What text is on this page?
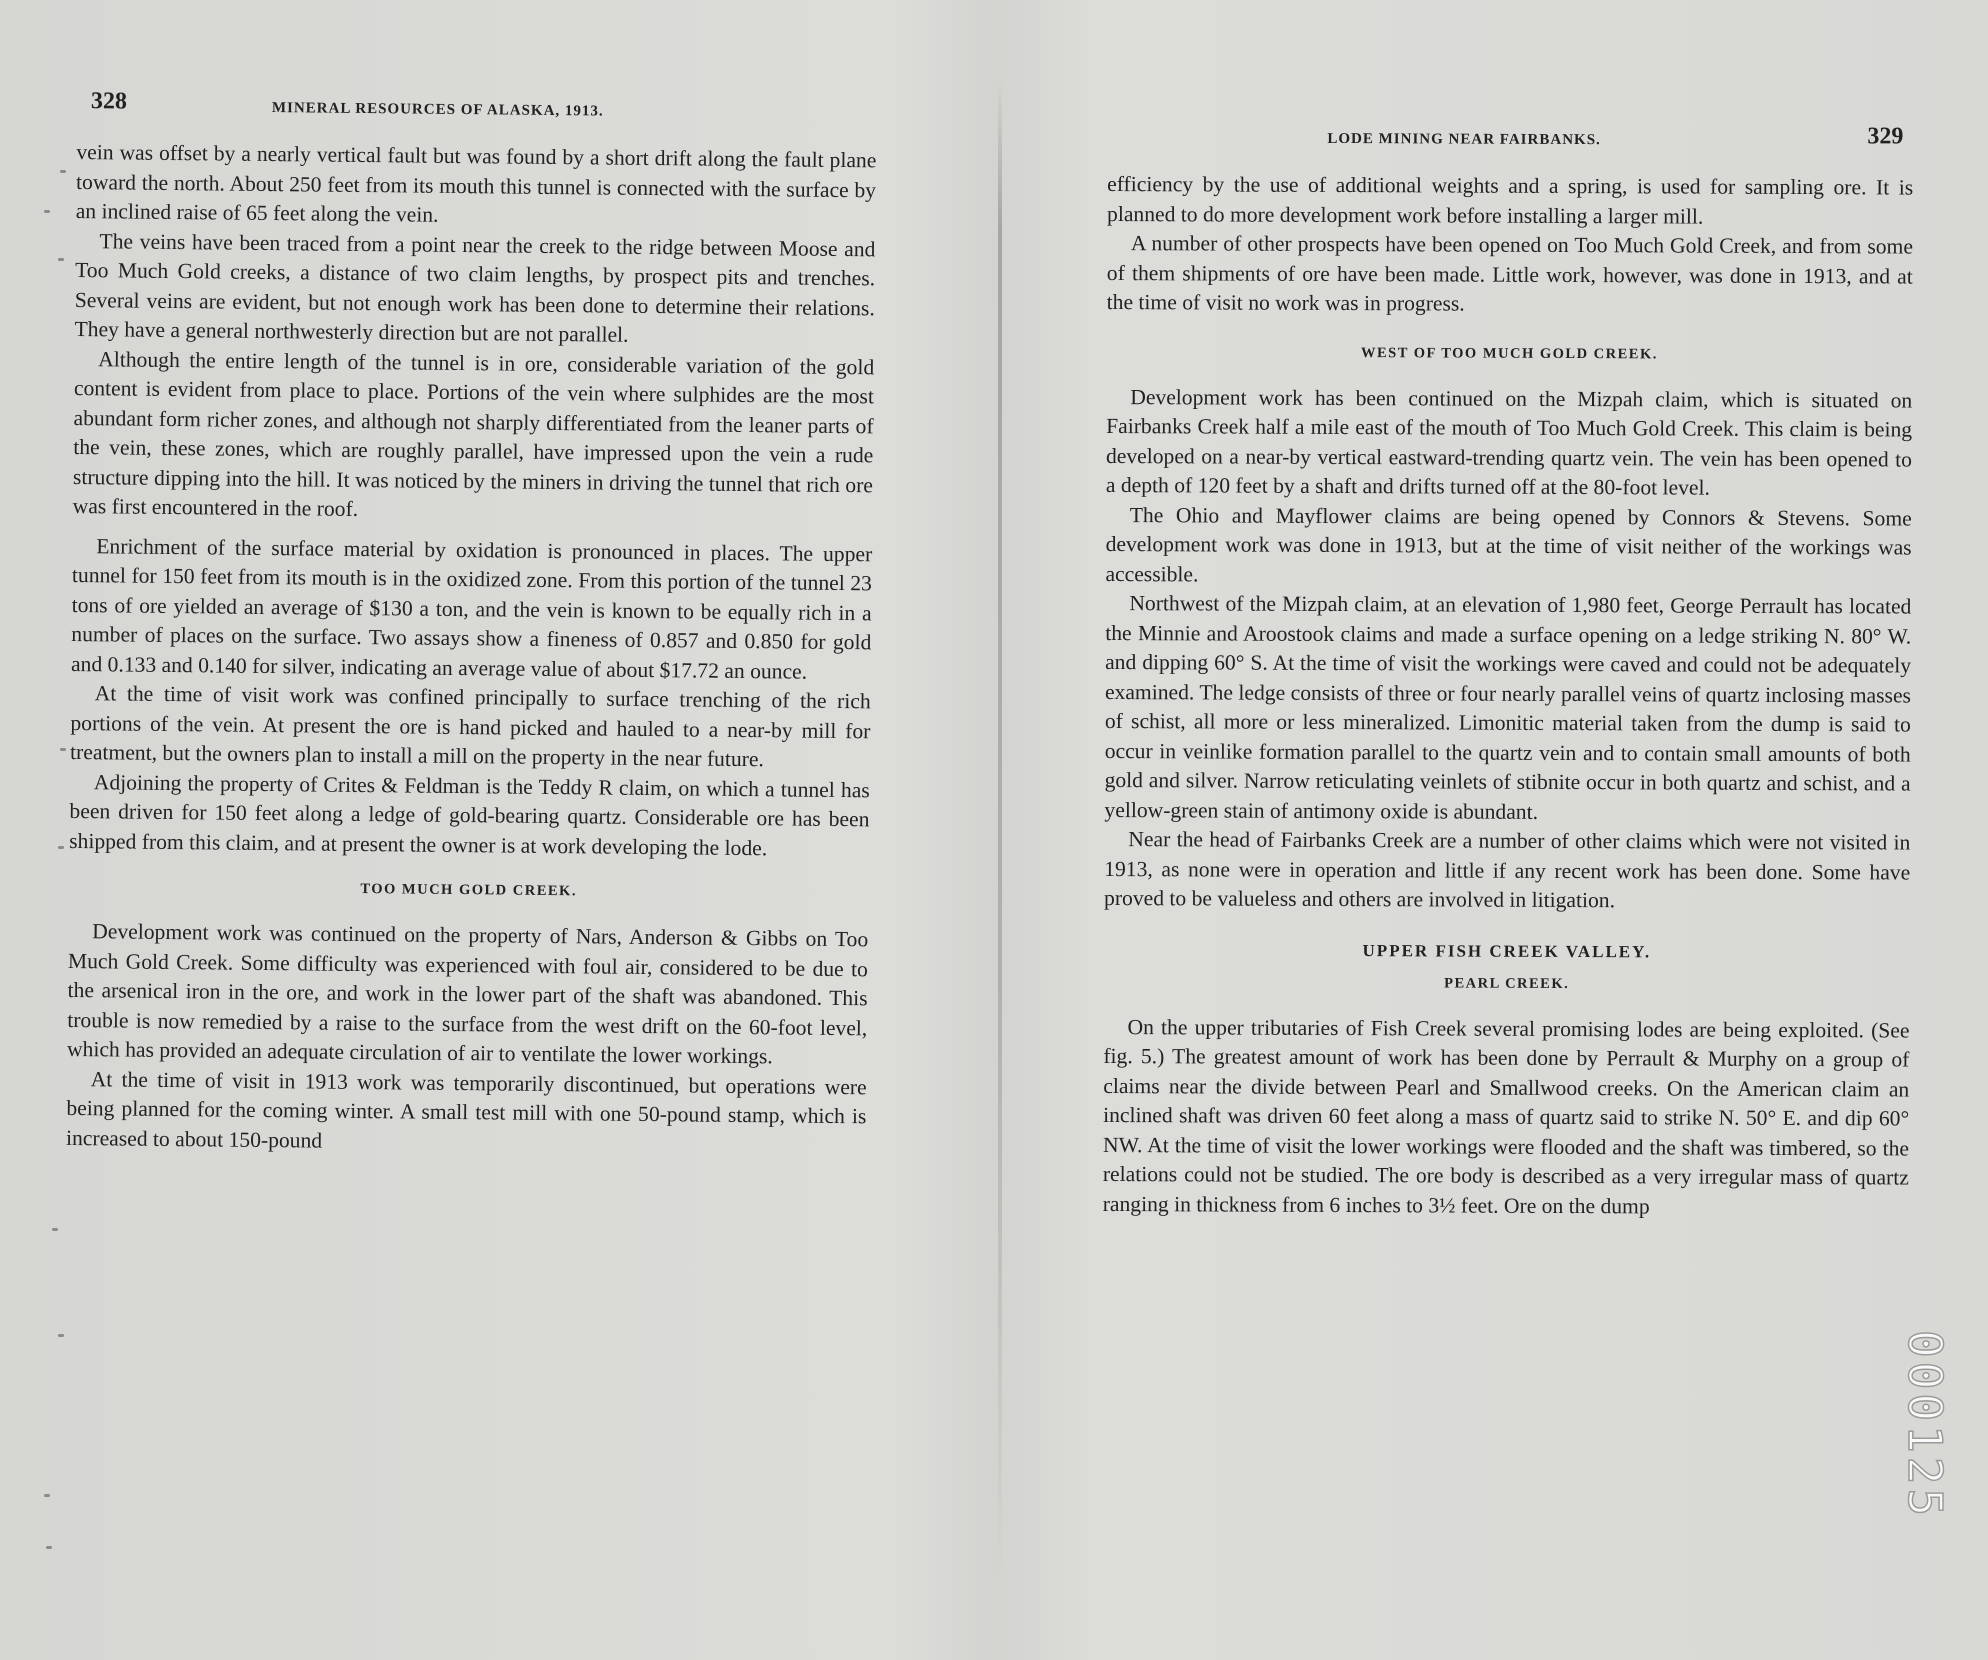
328	MINERAL RESOURCES OF ALASKA, 1913.

vein was offset by a nearly vertical fault but was found by a short drift along the fault plane toward the north. About 250 feet from its mouth this tunnel is connected with the surface by an inclined raise of 65 feet along the vein.

The veins have been traced from a point near the creek to the ridge between Moose and Too Much Gold creeks, a distance of two claim lengths, by prospect pits and trenches. Several veins are evident, but not enough work has been done to determine their relations. They have a general northwesterly direction but are not parallel.

Although the entire length of the tunnel is in ore, considerable variation of the gold content is evident from place to place. Portions of the vein where sulphides are the most abundant form richer zones, and although not sharply differentiated from the leaner parts of the vein, these zones, which are roughly parallel, have impressed upon the vein a rude structure dipping into the hill. It was noticed by the miners in driving the tunnel that rich ore was first encountered in the roof.

Enrichment of the surface material by oxidation is pronounced in places. The upper tunnel for 150 feet from its mouth is in the oxidized zone. From this portion of the tunnel 23 tons of ore yielded an average of $130 a ton, and the vein is known to be equally rich in a number of places on the surface. Two assays show a fineness of 0.857 and 0.850 for gold and 0.133 and 0.140 for silver, indicating an average value of about $17.72 an ounce.

At the time of visit work was confined principally to surface trenching of the rich portions of the vein. At present the ore is hand picked and hauled to a near-by mill for treatment, but the owners plan to install a mill on the property in the near future.

Adjoining the property of Crites & Feldman is the Teddy R claim, on which a tunnel has been driven for 150 feet along a ledge of gold-bearing quartz. Considerable ore has been shipped from this claim, and at present the owner is at work developing the lode.

TOO MUCH GOLD CREEK.

Development work was continued on the property of Nars, Anderson & Gibbs on Too Much Gold Creek. Some difficulty was experienced with foul air, considered to be due to the arsenical iron in the ore, and work in the lower part of the shaft was abandoned. This trouble is now remedied by a raise to the surface from the west drift on the 60-foot level, which has provided an adequate circulation of air to ventilate the lower workings.

At the time of visit in 1913 work was temporarily discontinued, but operations were being planned for the coming winter. A small test mill with one 50-pound stamp, which is increased to about 150-pound

LODE MINING NEAR FAIRBANKS.	329

efficiency by the use of additional weights and a spring, is used for sampling ore. It is planned to do more development work before installing a larger mill.

A number of other prospects have been opened on Too Much Gold Creek, and from some of them shipments of ore have been made. Little work, however, was done in 1913, and at the time of visit no work was in progress.

WEST OF TOO MUCH GOLD CREEK.

Development work has been continued on the Mizpah claim, which is situated on Fairbanks Creek half a mile east of the mouth of Too Much Gold Creek. This claim is being developed on a near-by vertical eastward-trending quartz vein. The vein has been opened to a depth of 120 feet by a shaft and drifts turned off at the 80-foot level.

The Ohio and Mayflower claims are being opened by Connors & Stevens. Some development work was done in 1913, but at the time of visit neither of the workings was accessible.

Northwest of the Mizpah claim, at an elevation of 1,980 feet, George Perrault has located the Minnie and Aroostook claims and made a surface opening on a ledge striking N. 80° W. and dipping 60° S. At the time of visit the workings were caved and could not be adequately examined. The ledge consists of three or four nearly parallel veins of quartz inclosing masses of schist, all more or less mineralized. Limonitic material taken from the dump is said to occur in veinlike formation parallel to the quartz vein and to contain small amounts of both gold and silver. Narrow reticulating veinlets of stibnite occur in both quartz and schist, and a yellow-green stain of antimony oxide is abundant.

Near the head of Fairbanks Creek are a number of other claims which were not visited in 1913, as none were in operation and little if any recent work has been done. Some have proved to be valueless and others are involved in litigation.

UPPER FISH CREEK VALLEY.
PEARL CREEK.

On the upper tributaries of Fish Creek several promising lodes are being exploited. (See fig. 5.) The greatest amount of work has been done by Perrault & Murphy on a group of claims near the divide between Pearl and Smallwood creeks. On the American claim an inclined shaft was driven 60 feet along a mass of quartz said to strike N. 50° E. and dip 60° NW. At the time of visit the lower workings were flooded and the shaft was timbered, so the relations could not be studied. The ore body is described as a very irregular mass of quartz ranging in thickness from 6 inches to 3½ feet. Ore on the dump

000125
